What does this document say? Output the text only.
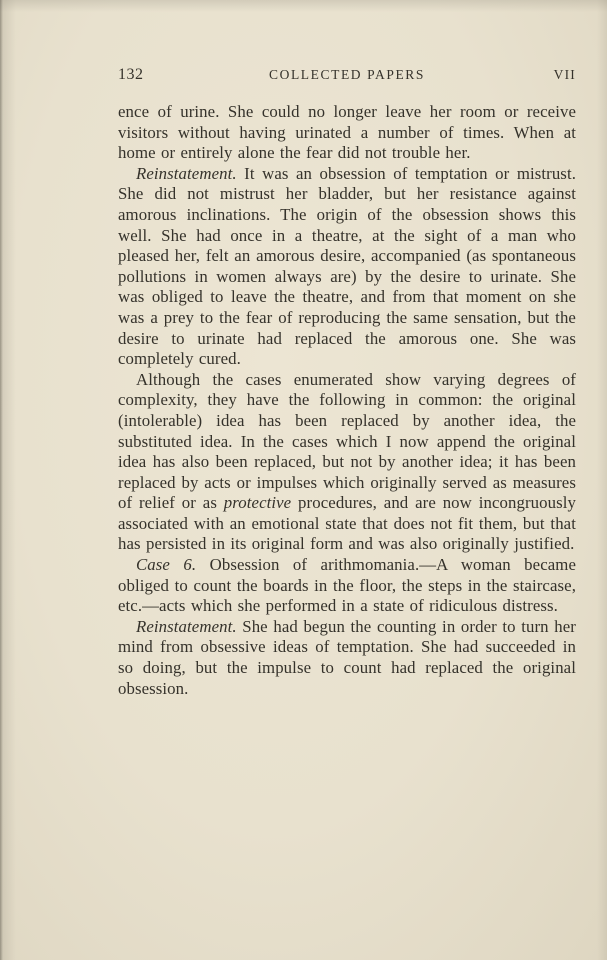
132	COLLECTED PAPERS	VII

ence of urine. She could no longer leave her room or receive visitors without having urinated a number of times. When at home or entirely alone the fear did not trouble her.

Reinstatement. It was an obsession of temptation or mistrust. She did not mistrust her bladder, but her resistance against amorous inclinations. The origin of the obsession shows this well. She had once in a theatre, at the sight of a man who pleased her, felt an amorous desire, accompanied (as spontaneous pollutions in women always are) by the desire to urinate. She was obliged to leave the theatre, and from that moment on she was a prey to the fear of reproducing the same sensation, but the desire to urinate had replaced the amorous one. She was completely cured.

Although the cases enumerated show varying degrees of complexity, they have the following in common: the original (intolerable) idea has been replaced by another idea, the substituted idea. In the cases which I now append the original idea has also been replaced, but not by another idea; it has been replaced by acts or impulses which originally served as measures of relief or as protective procedures, and are now incongruously associated with an emotional state that does not fit them, but that has persisted in its original form and was also originally justified.

Case 6. Obsession of arithmomania.—A woman became obliged to count the boards in the floor, the steps in the staircase, etc.—acts which she performed in a state of ridiculous distress.

Reinstatement. She had begun the counting in order to turn her mind from obsessive ideas of temptation. She had succeeded in so doing, but the impulse to count had replaced the original obsession.
